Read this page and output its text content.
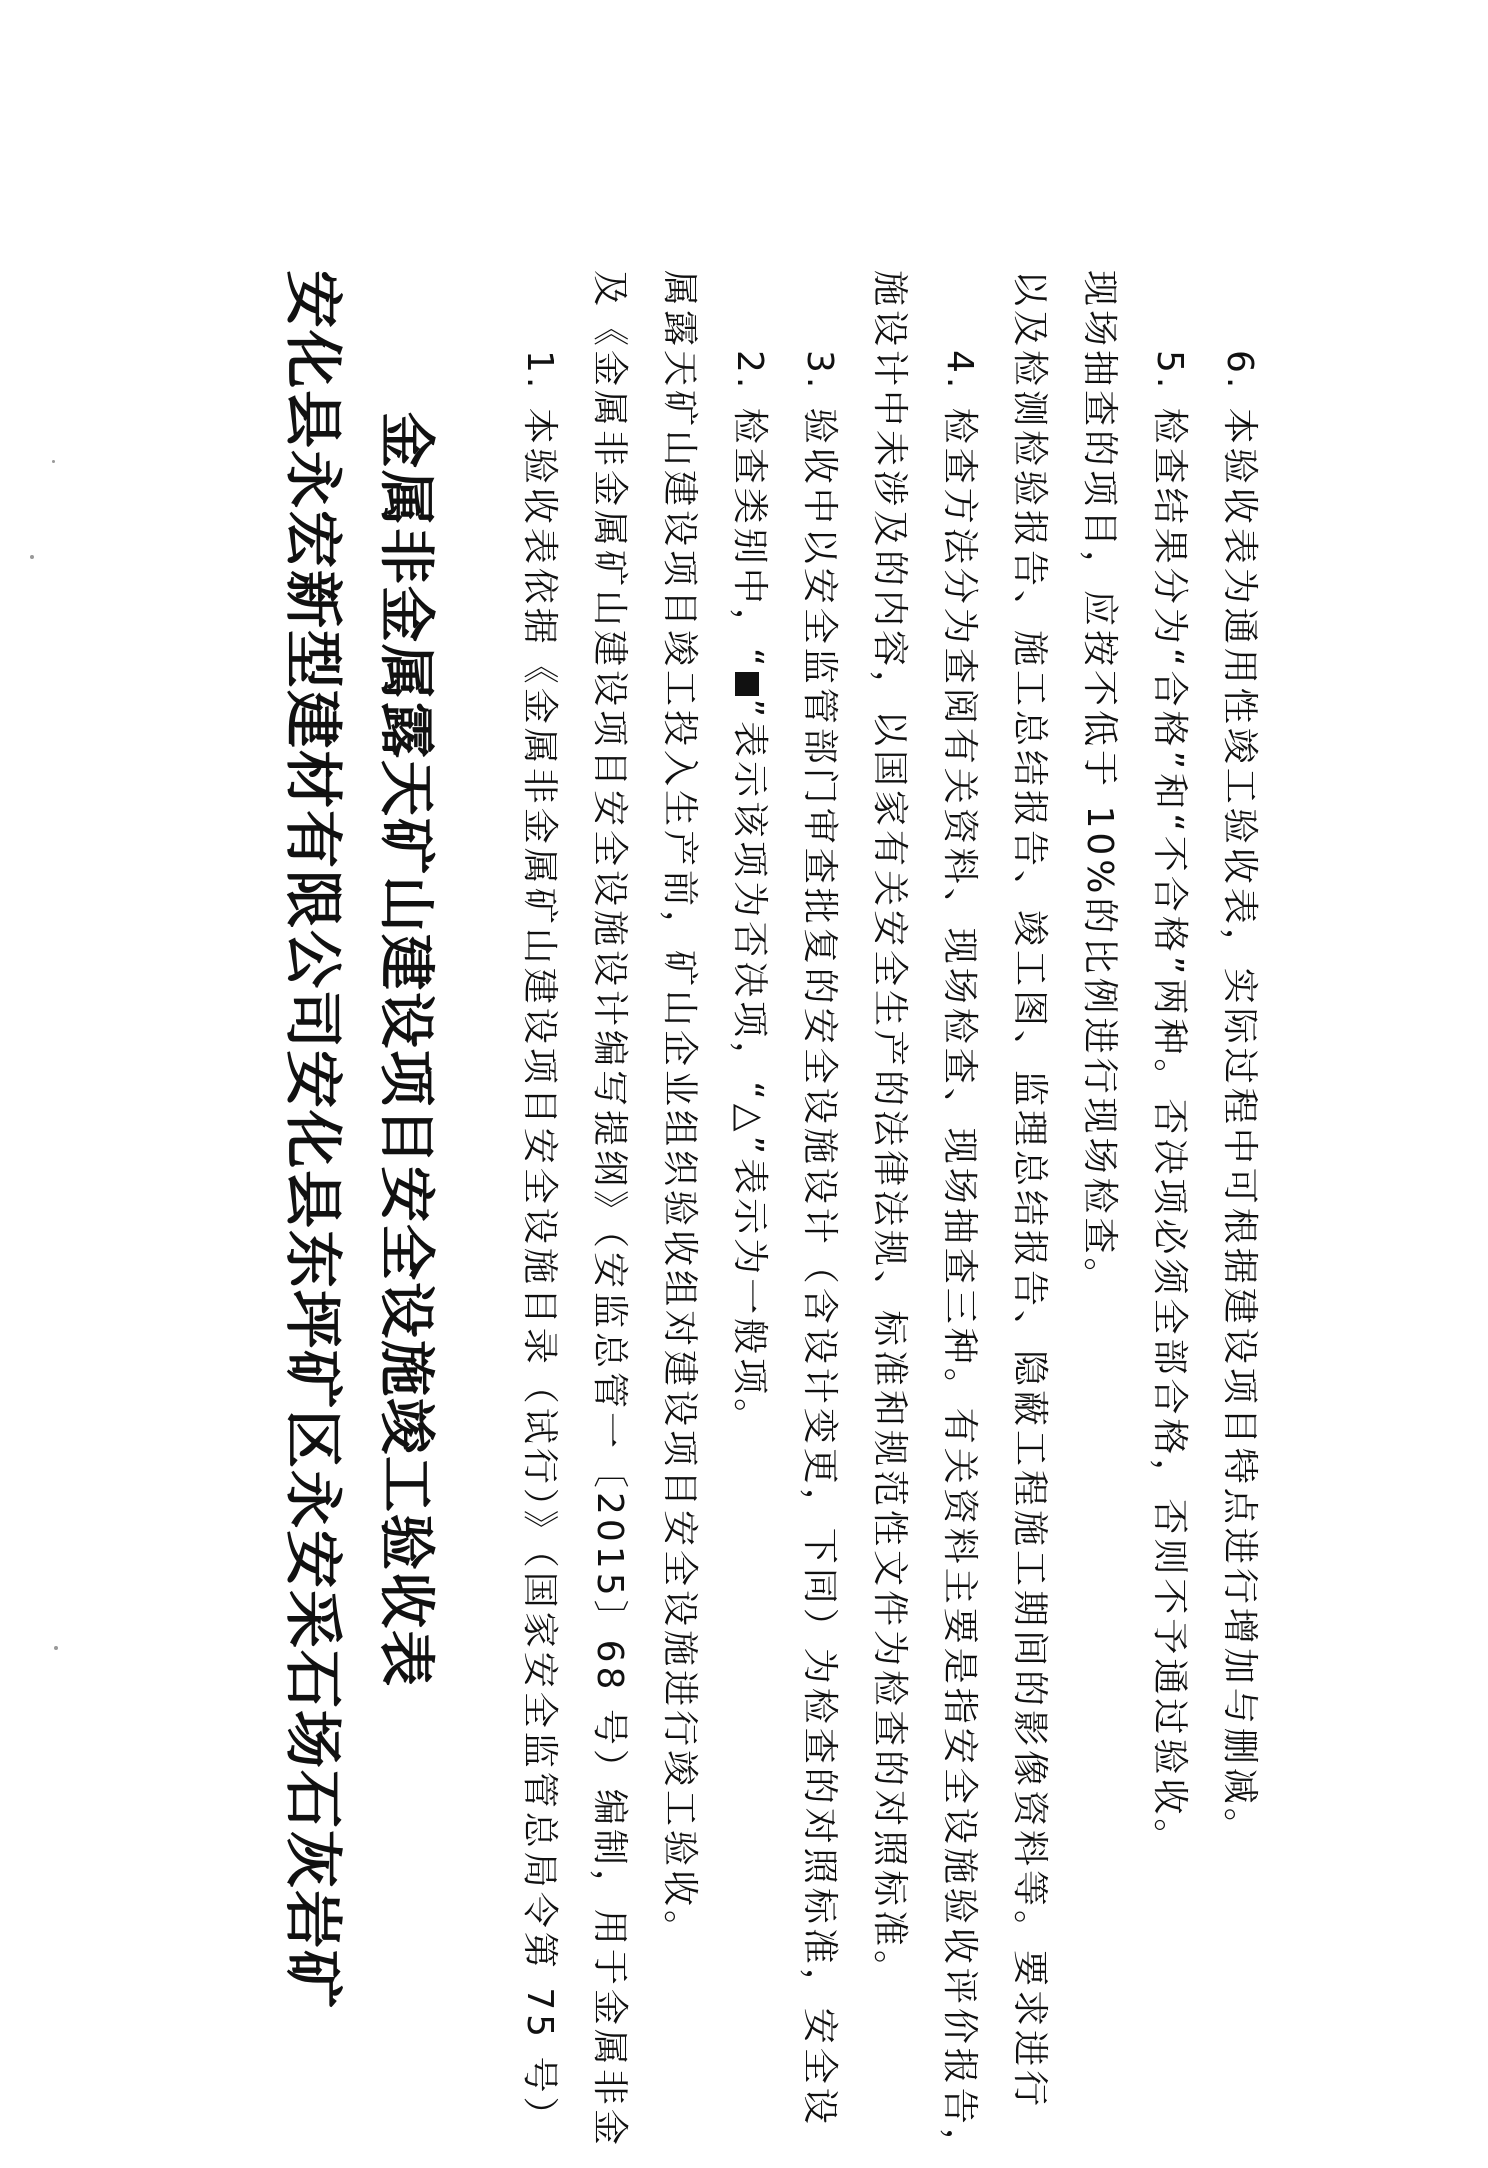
安化县永宏新型建材有限公司安化县东坪矿区永安采石场石灰岩矿 金属非金属露天矿山建设项目安全设施竣工验收表	1. 本验收表依据《金属非金属矿山建设项目安全设施目录（试行）》（国家安全监管总局令第 75 号） 及《金属非金属矿山建设项目安全设施设计编写提纲》（安监总管一〔2015〕68 号）编制，用于金属非金 属露天矿山建设项目竣工投入生产前，矿山企业组织验收组对建设项目安全设施进行竣工验收。 2. 检查类别中，“”表示该项为否决项，“△”表示为一般项。 3. 验收中以安全监管部门审查批复的安全设施设计（含设计变更，下同）为检查的对照标准，安全设 施设计中未涉及的内容，以国家有关安全生产的法律法规、标准和规范性文件为检查的对照标准。 4. 检查方法分为查阅有关资料、现场检查、现场抽查三种。有关资料主要是指安全设施验收评价报告， 以及检测检验报告、施工总结报告、竣工图、监理总结报告、隐蔽工程施工期间的影像资料等。要求进行 现场抽查的项目，应按不低于 10%的比例进行现场检查。 5. 检查结果分为“合格”和“不合格”两种。否决项必须全部合格，否则不予通过验收。 6. 本验收表为通用性竣工验收表，实际过程中可根据建设项目特点进行增加与删减。
